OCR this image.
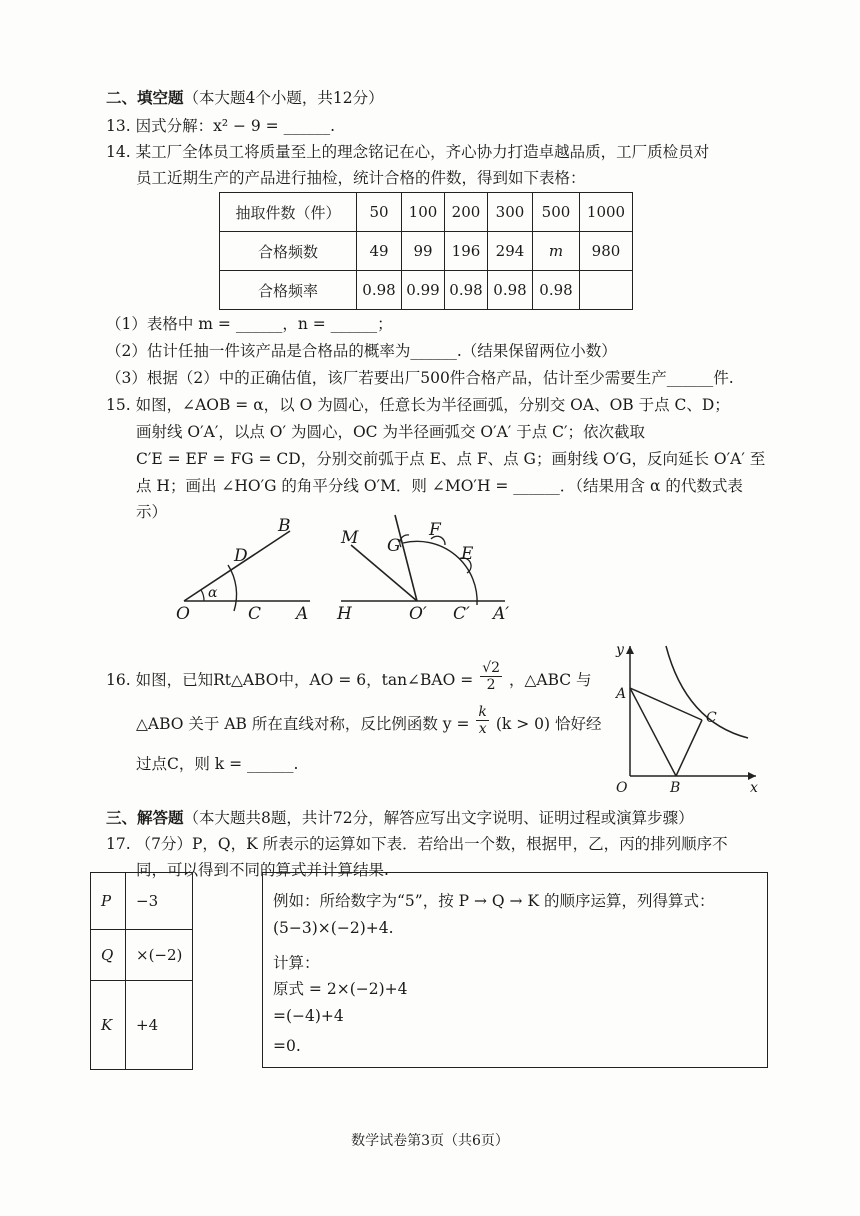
二、填空题（本大题4个小题，共12分）
13. 因式分解：x² − 9 = ______.
14. 某工厂全体员工将质量至上的理念铭记在心，齐心协力打造卓越品质，工厂质检员对
员工近期生产的产品进行抽检，统计合格的件数，得到如下表格：
抽取件数（件）	50	100	200	300	500	1000
合格频数	49	99	196	294	m	980
合格频率	0.98	0.99	0.98	0.98	0.98	
（1）表格中 m = ______，n = ______；
（2）估计任抽一件该产品是合格品的概率为______.（结果保留两位小数）
（3）根据（2）中的正确估值，该厂若要出厂500件合格产品，估计至少需要生产______件.
15. 如图，∠AOB = α，以 O 为圆心，任意长为半径画弧，分别交 OA、OB 于点 C、D；
画射线 O′A′，以点 O′ 为圆心，OC 为半径画弧交 O′A′ 于点 C′；依次截取
C′E = EF = FG = CD，分别交前弧于点 E、点 F、点 G；画射线 O′G，反向延长 O′A′ 至
点 H；画出 ∠HO′G 的角平分线 O′M．则 ∠MO′H = ______．（结果用含 α 的代数式表
示）
B
D
α
O	C A
M G
F
E
H	O′ C′ A′
16. 如图，已知Rt△ABO中，AO = 6，tan∠BAO = $\frac{√2}{2}$ ，△ABC 与
△ABO 关于 AB 所在直线对称，反比例函数 $y = \frac{k}{x} (k > 0)$ 恰好经
过点C，则 k = ______.
y
A
C
O	B	x
三、解答题（本大题共8题，共计72分，解答应写出文字说明、证明过程或演算步骤）
17. （7分）P，Q，K 所表示的运算如下表．若给出一个数，根据甲，乙，丙的排列顺序不
同，可以得到不同的算式并计算结果.
P	−3
Q	×(−2)
K	+4
例如：所给数字为“5”，按 P → Q → K 的顺序运算，列得算式：
(5−3)×(−2)+4.
计算：
原式 = 2×(−2)+4
=(−4)+4
=0.
数学试卷第3页（共6页）
